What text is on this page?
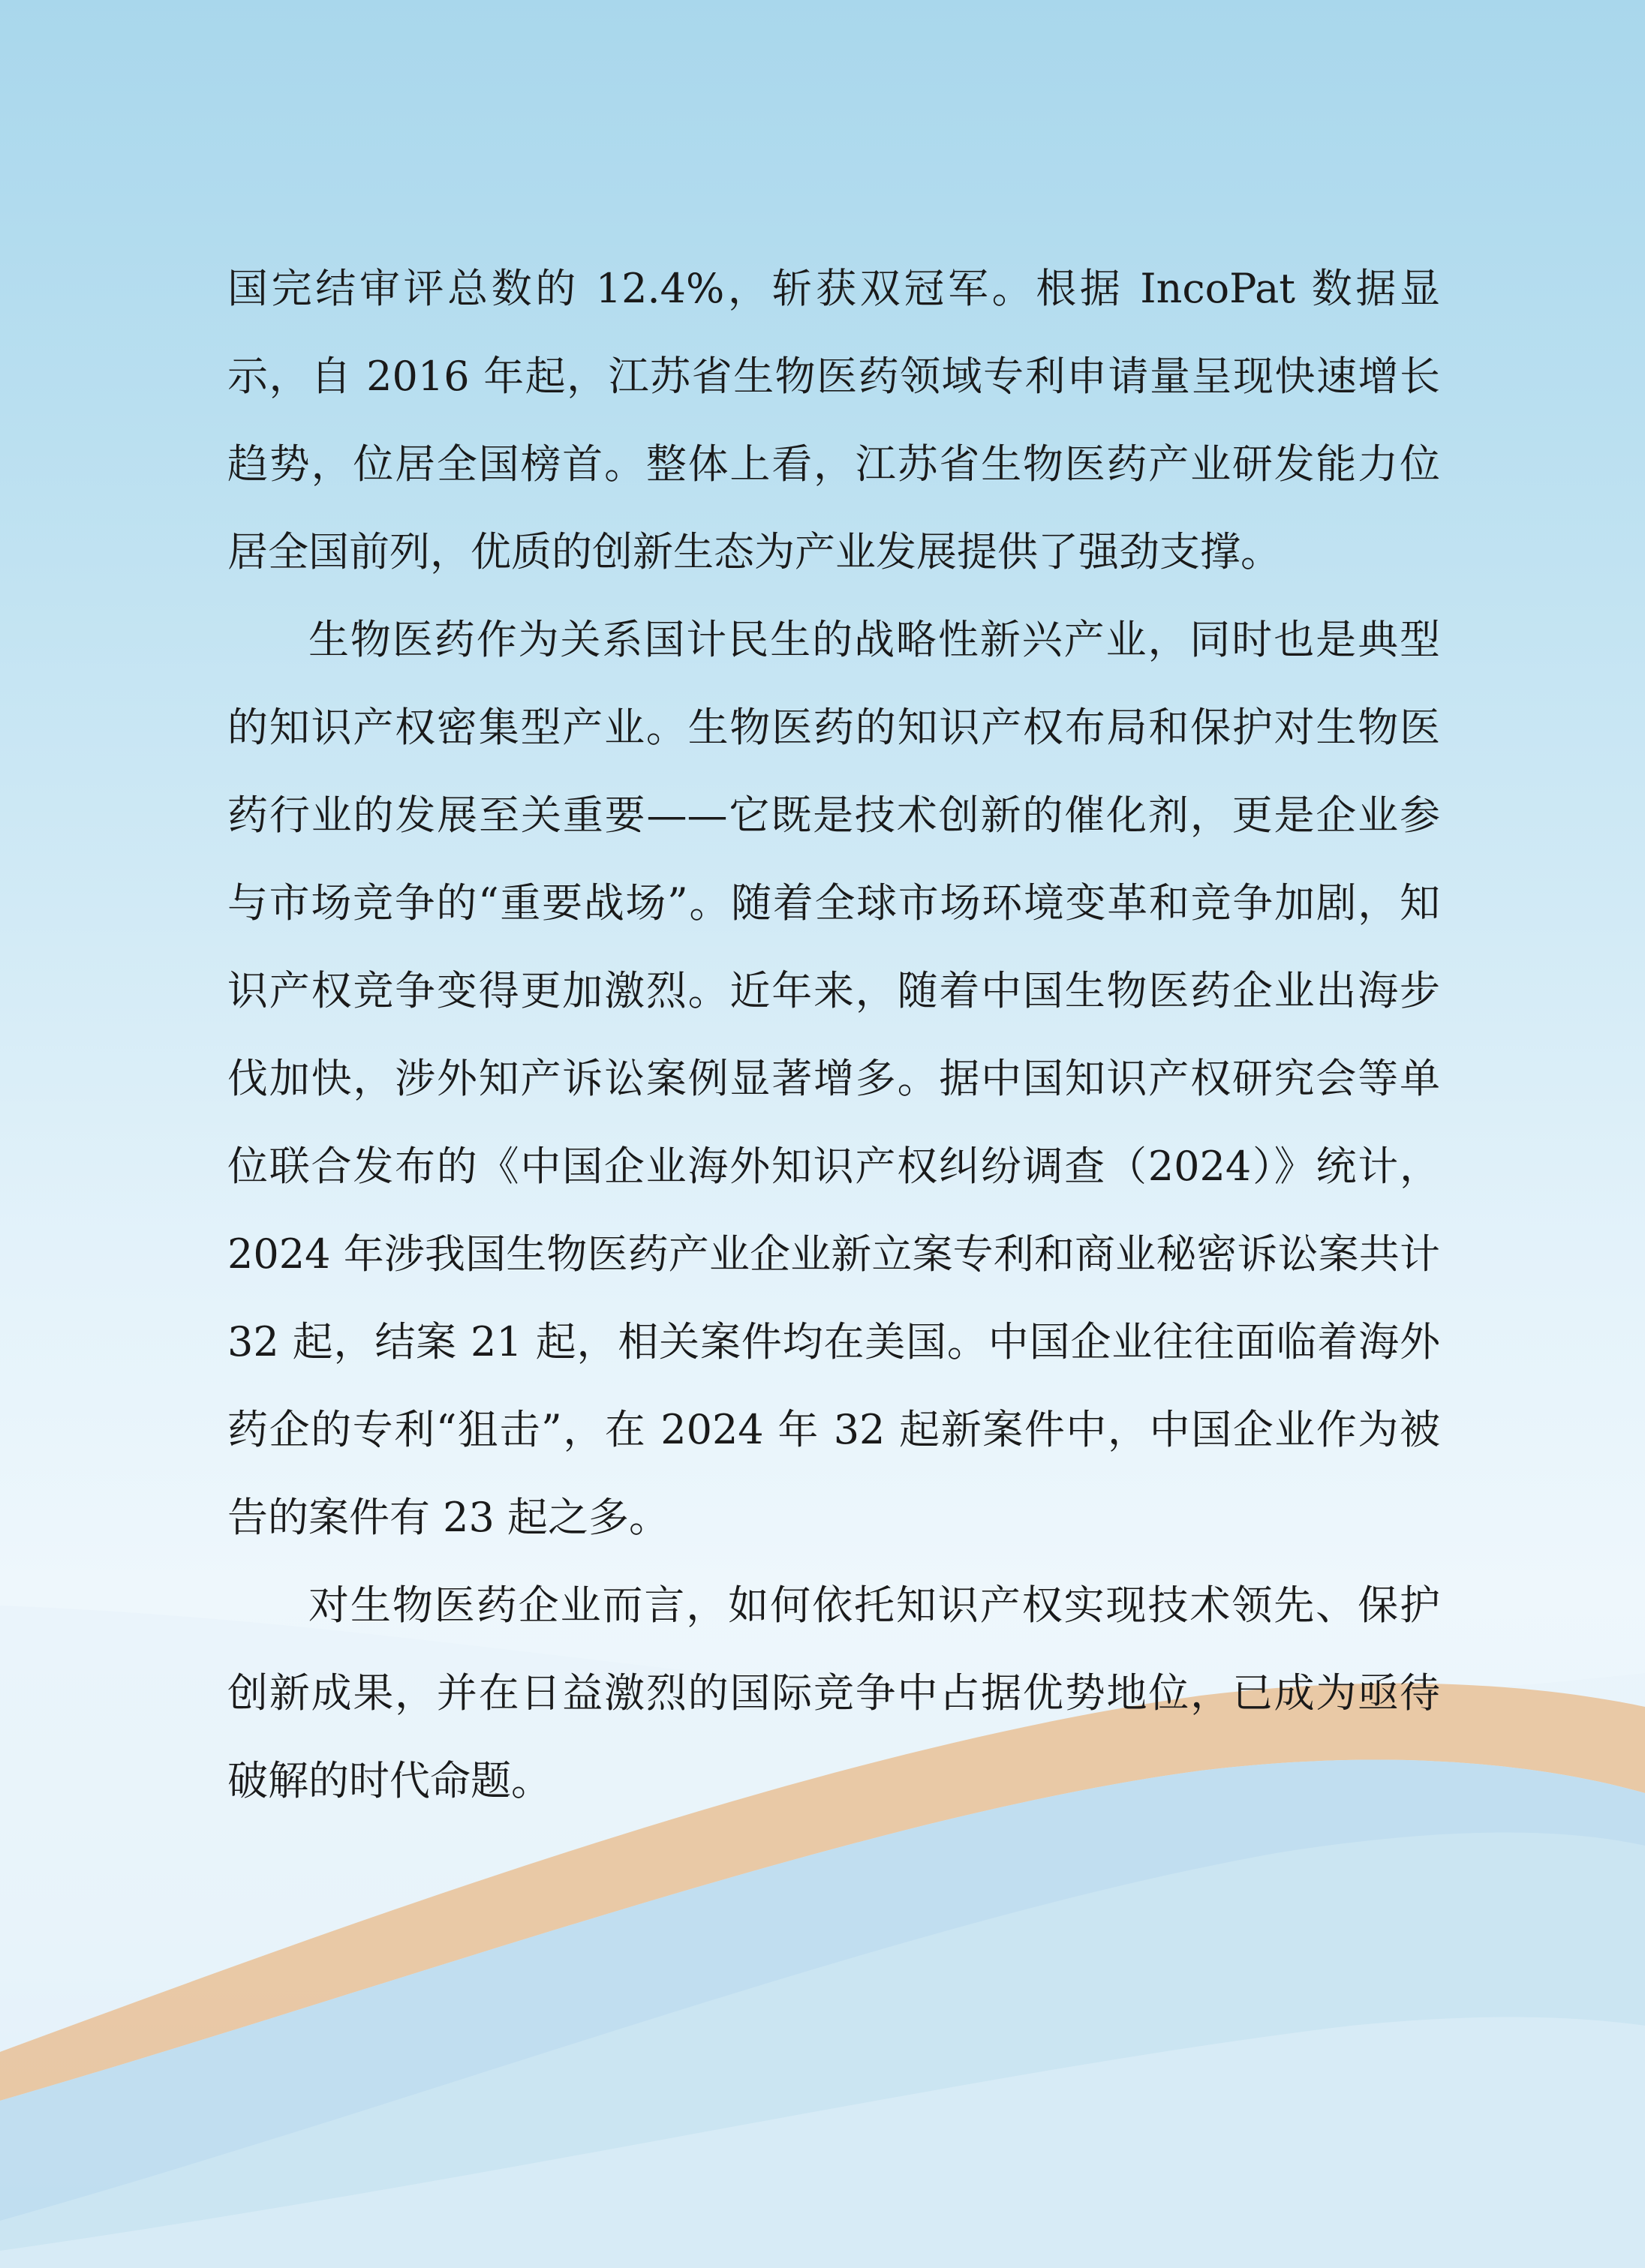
国完结审评总数的 12.4%，斩获双冠军。根据 IncoPat 数据显示，自 2016 年起，江苏省生物医药领域专利申请量呈现快速增长趋势，位居全国榜首。整体上看，江苏省生物医药产业研发能力位居全国前列，优质的创新生态为产业发展提供了强劲支撑。

生物医药作为关系国计民生的战略性新兴产业，同时也是典型的知识产权密集型产业。生物医药的知识产权布局和保护对生物医药行业的发展至关重要——它既是技术创新的催化剂，更是企业参与市场竞争的“重要战场”。随着全球市场环境变革和竞争加剧，知识产权竞争变得更加激烈。近年来，随着中国生物医药企业出海步伐加快，涉外知产诉讼案例显著增多。据中国知识产权研究会等单位联合发布的《中国企业海外知识产权纠纷调查（2024）》统计，2024 年涉我国生物医药产业企业新立案专利和商业秘密诉讼案共计 32 起，结案 21 起，相关案件均在美国。中国企业往往面临着海外药企的专利“狙击”，在 2024 年 32 起新案件中，中国企业作为被告的案件有 23 起之多。

对生物医药企业而言，如何依托知识产权实现技术领先、保护创新成果，并在日益激烈的国际竞争中占据优势地位，已成为亟待破解的时代命题。
